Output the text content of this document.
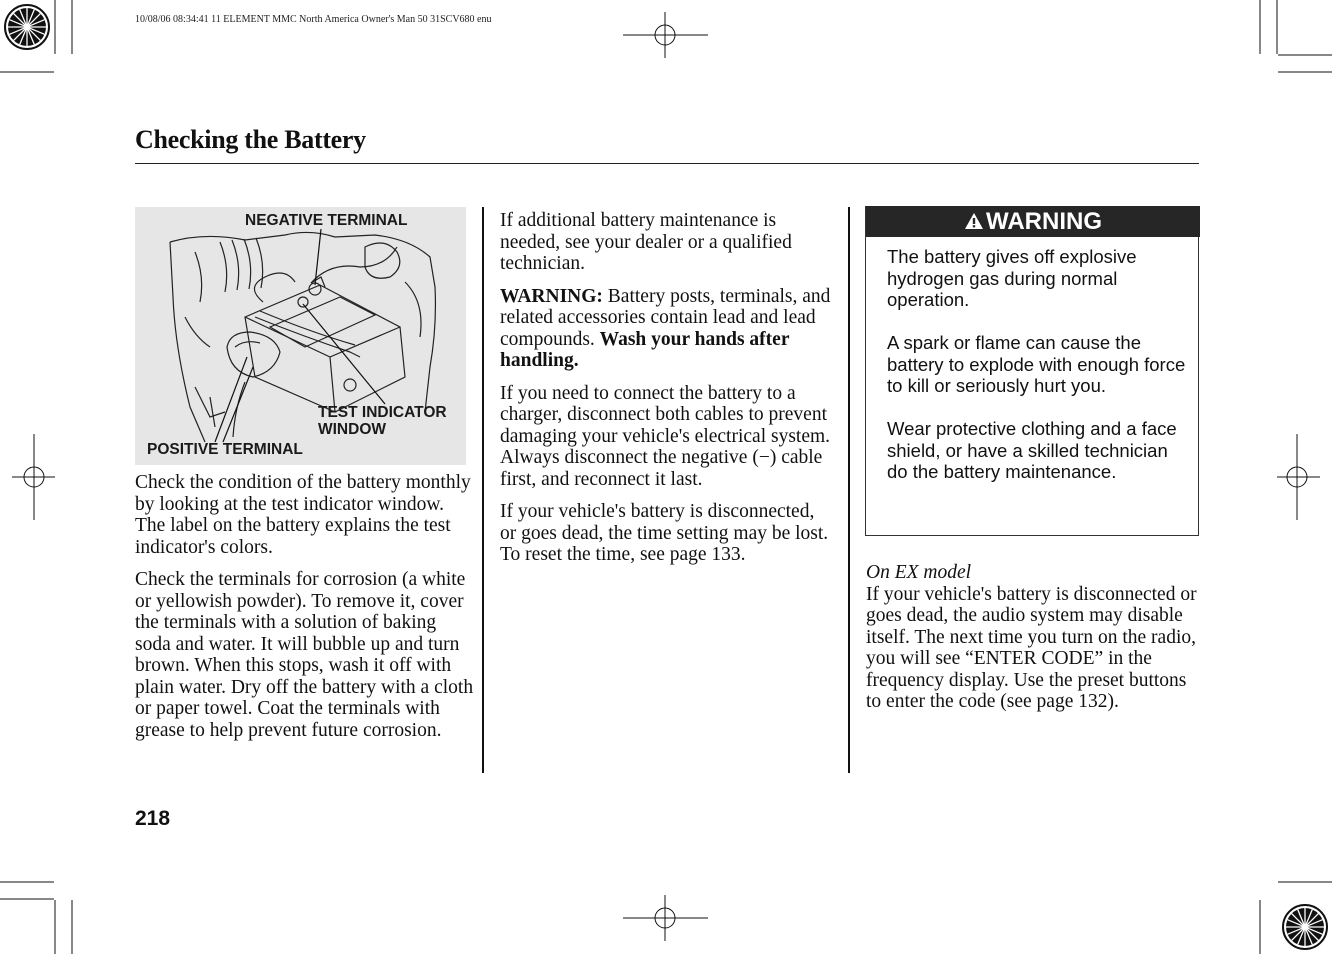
10/08/06 08:34:41 11 ELEMENT MMC North America Owner's Man 50 31SCV680 enu
Checking the Battery
NEGATIVE TERMINAL
TEST INDICATOR
WINDOW
POSITIVE TERMINAL

Check the condition of the battery monthly by looking at the test indicator window. The label on the battery explains the test indicator's colors.

Check the terminals for corrosion (a white or yellowish powder). To remove it, cover the terminals with a solution of baking soda and water. It will bubble up and turn brown. When this stops, wash it off with plain water. Dry off the battery with a cloth or paper towel. Coat the terminals with grease to help prevent future corrosion.

If additional battery maintenance is needed, see your dealer or a qualified technician.

WARNING: Battery posts, terminals, and related accessories contain lead and lead compounds. Wash your hands after handling.

If you need to connect the battery to a charger, disconnect both cables to prevent damaging your vehicle's electrical system. Always disconnect the negative (−) cable first, and reconnect it last.

If your vehicle's battery is disconnected, or goes dead, the time setting may be lost. To reset the time, see page 133.

WARNING

The battery gives off explosive hydrogen gas during normal operation.

A spark or flame can cause the battery to explode with enough force to kill or seriously hurt you.

Wear protective clothing and a face shield, or have a skilled technician do the battery maintenance.

On EX model
If your vehicle's battery is disconnected or goes dead, the audio system may disable itself. The next time you turn on the radio, you will see “ENTER CODE” in the frequency display. Use the preset buttons to enter the code (see page 132).
218
